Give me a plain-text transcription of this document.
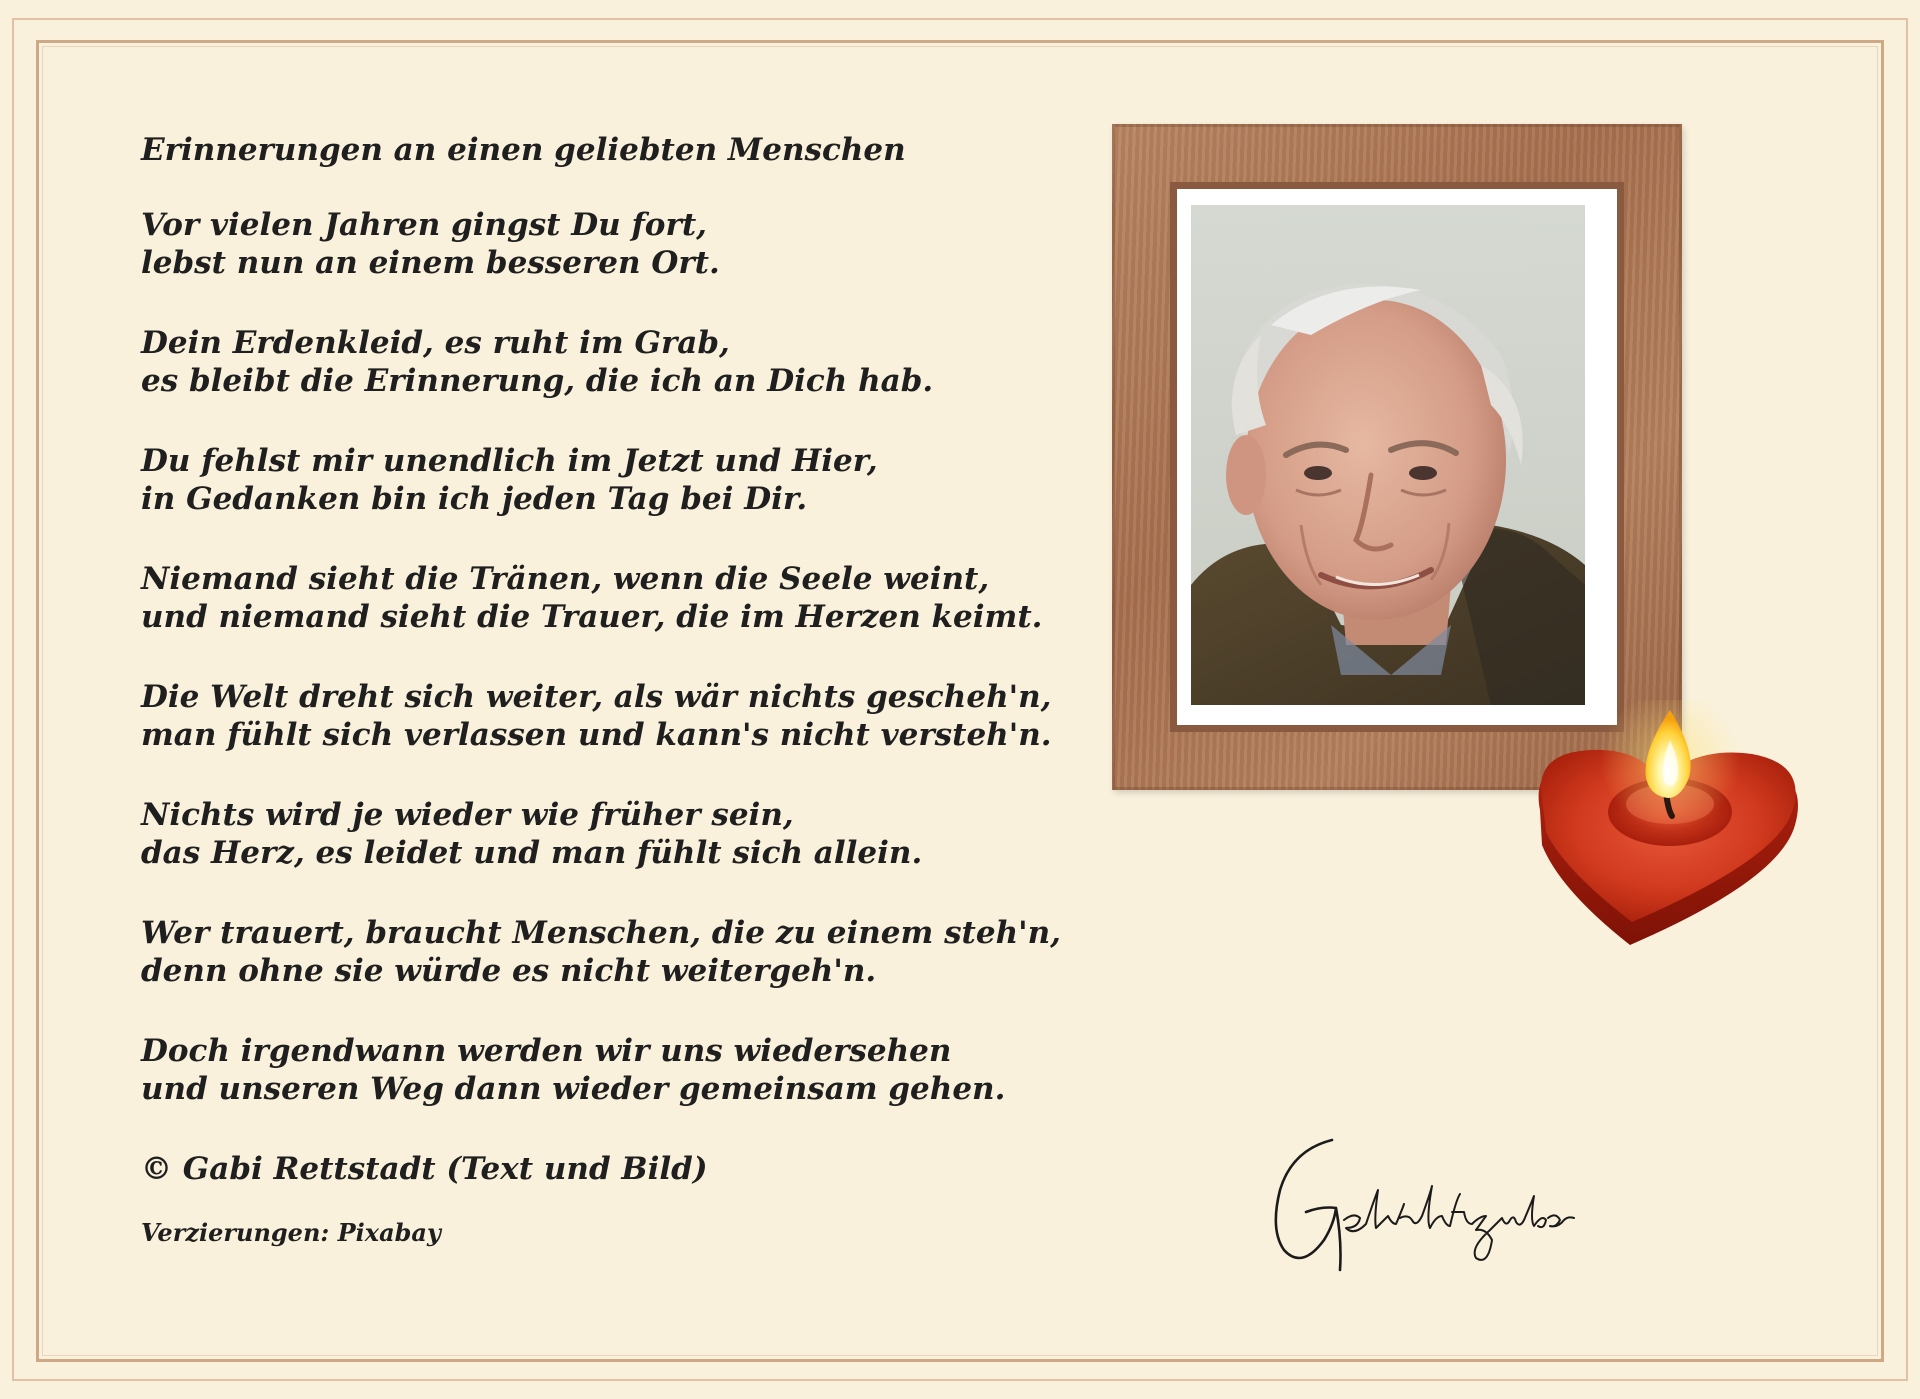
Erinnerungen an einen geliebten Menschen
Vor vielen Jahren gingst Du fort,
lebst nun an einem besseren Ort.
Dein Erdenkleid, es ruht im Grab,
es bleibt die Erinnerung, die ich an Dich hab.
Du fehlst mir unendlich im Jetzt und Hier,
in Gedanken bin ich jeden Tag bei Dir.
Niemand sieht die Tränen, wenn die Seele weint,
und niemand sieht die Trauer, die im Herzen keimt.
Die Welt dreht sich weiter, als wär nichts gescheh'n,
man fühlt sich verlassen und kann's nicht versteh'n.
Nichts wird je wieder wie früher sein,
das Herz, es leidet und man fühlt sich allein.
Wer trauert, braucht Menschen, die zu einem steh'n,
denn ohne sie würde es nicht weitergeh'n.
Doch irgendwann werden wir uns wiedersehen
und unseren Weg dann wieder gemeinsam gehen.
© Gabi Rettstadt (Text und Bild)
Verzierungen: Pixabay
